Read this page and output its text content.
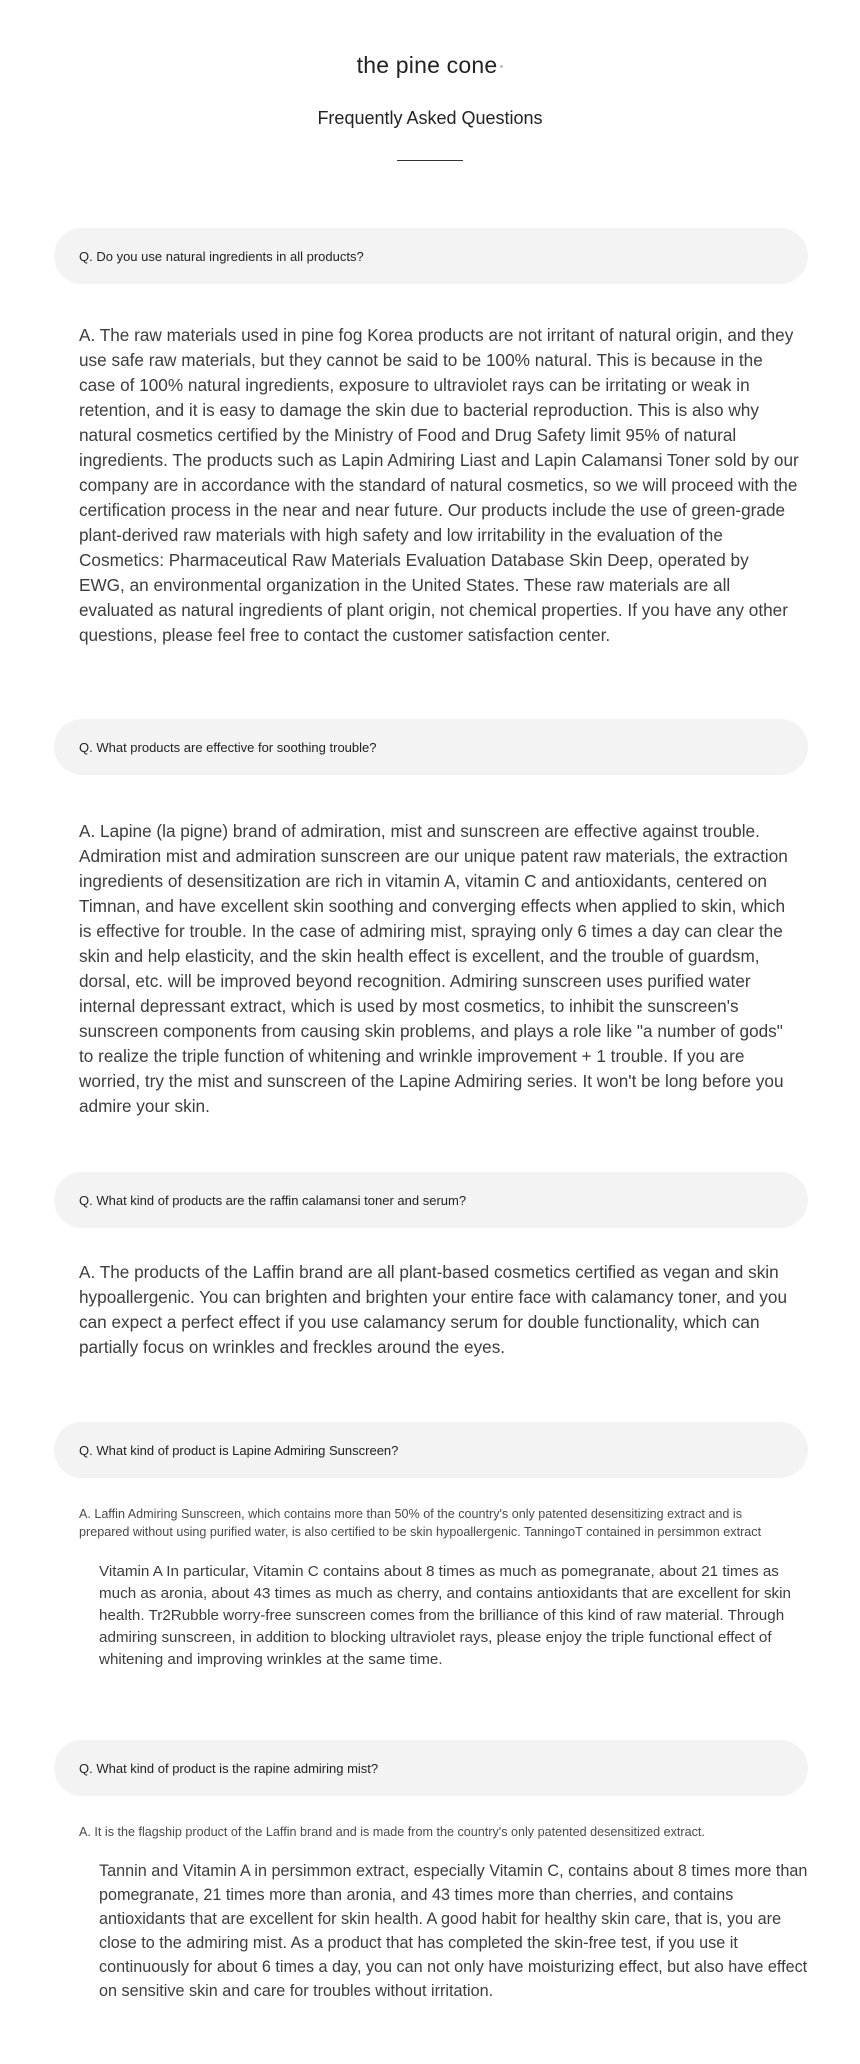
the pine cone
Frequently Asked Questions
Q. Do you use natural ingredients in all products?
A. The raw materials used in pine fog Korea products are not irritant of natural origin, and they use safe raw materials, but they cannot be said to be 100% natural. This is because in the case of 100% natural ingredients, exposure to ultraviolet rays can be irritating or weak in retention, and it is easy to damage the skin due to bacterial reproduction. This is also why natural cosmetics certified by the Ministry of Food and Drug Safety limit 95% of natural ingredients. The products such as Lapin Admiring Liast and Lapin Calamansi Toner sold by our company are in accordance with the standard of natural cosmetics, so we will proceed with the certification process in the near and near future. Our products include the use of green-grade plant-derived raw materials with high safety and low irritability in the evaluation of the Cosmetics: Pharmaceutical Raw Materials Evaluation Database Skin Deep, operated by EWG, an environmental organization in the United States. These raw materials are all evaluated as natural ingredients of plant origin, not chemical properties. If you have any other questions, please feel free to contact the customer satisfaction center.
Q. What products are effective for soothing trouble?
A. Lapine (la pigne) brand of admiration, mist and sunscreen are effective against trouble. Admiration mist and admiration sunscreen are our unique patent raw materials, the extraction ingredients of desensitization are rich in vitamin A, vitamin C and antioxidants, centered on Timnan, and have excellent skin soothing and converging effects when applied to skin, which is effective for trouble. In the case of admiring mist, spraying only 6 times a day can clear the skin and help elasticity, and the skin health effect is excellent, and the trouble of guardsm, dorsal, etc. will be improved beyond recognition. Admiring sunscreen uses purified water internal depressant extract, which is used by most cosmetics, to inhibit the sunscreen's sunscreen components from causing skin problems, and plays a role like "a number of gods" to realize the triple function of whitening and wrinkle improvement + 1 trouble. If you are worried, try the mist and sunscreen of the Lapine Admiring series. It won't be long before you admire your skin.
Q. What kind of products are the raffin calamansi toner and serum?
A. The products of the Laffin brand are all plant-based cosmetics certified as vegan and skin hypoallergenic. You can brighten and brighten your entire face with calamancy toner, and you can expect a perfect effect if you use calamancy serum for double functionality, which can partially focus on wrinkles and freckles around the eyes.
Q. What kind of product is Lapine Admiring Sunscreen?
A. Laffin Admiring Sunscreen, which contains more than 50% of the country's only patented desensitizing extract and is prepared without using purified water, is also certified to be skin hypoallergenic. TanningoT contained in persimmon extract
Vitamin A In particular, Vitamin C contains about 8 times as much as pomegranate, about 21 times as much as aronia, about 43 times as much as cherry, and contains antioxidants that are excellent for skin health. Tr2Rubble worry-free sunscreen comes from the brilliance of this kind of raw material. Through admiring sunscreen, in addition to blocking ultraviolet rays, please enjoy the triple functional effect of whitening and improving wrinkles at the same time.
Q. What kind of product is the rapine admiring mist?
A. It is the flagship product of the Laffin brand and is made from the country's only patented desensitized extract.
Tannin and Vitamin A in persimmon extract, especially Vitamin C, contains about 8 times more than pomegranate, 21 times more than aronia, and 43 times more than cherries, and contains antioxidants that are excellent for skin health. A good habit for healthy skin care, that is, you are close to the admiring mist. As a product that has completed the skin-free test, if you use it continuously for about 6 times a day, you can not only have moisturizing effect, but also have effect on sensitive skin and care for troubles without irritation.
